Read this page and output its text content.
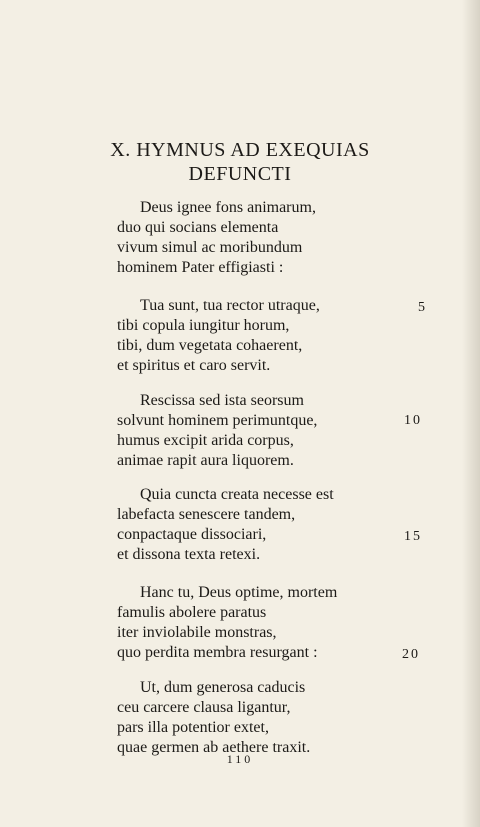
X. HYMNUS AD EXEQUIAS
DEFUNCTI
Deus ignee fons animarum,
duo qui socians elementa
vivum simul ac moribundum
hominem Pater effigiasti :
Tua sunt, tua rector utraque,
tibi copula iungitur horum,
tibi, dum vegetata cohaerent,
et spiritus et caro servit.
Rescissa sed ista seorsum
solvunt hominem perimuntque,
humus excipit arida corpus,
animae rapit aura liquorem.
Quia cuncta creata necesse est
labefacta senescere tandem,
conpactaque dissociari,
et dissona texta retexi.
Hanc tu, Deus optime, mortem
famulis abolere paratus
iter inviolabile monstras,
quo perdita membra resurgant :
Ut, dum generosa caducis
ceu carcere clausa ligantur,
pars illa potentior extet,
quae germen ab aethere traxit.
5
10
15
20
110
